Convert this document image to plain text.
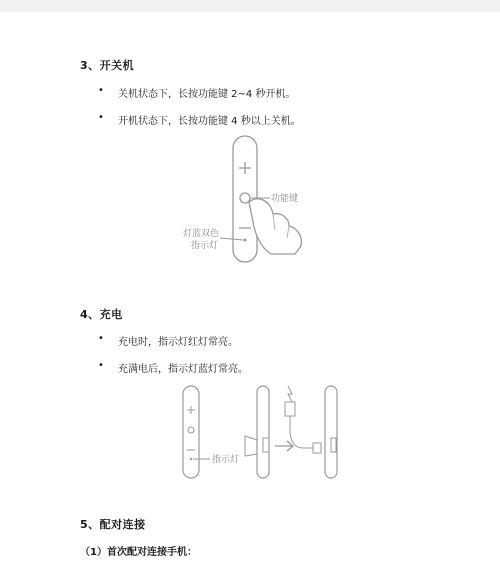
3、开关机
• 关机状态下，长按功能键 2~4 秒开机。
• 开机状态下，长按功能键 4 秒以上关机。
功能键
灯蓝双色
指示灯
4、充电
• 充电时，指示灯红灯常亮。
• 充满电后，指示灯蓝灯常亮。
指示灯
5、配对连接
（1）首次配对连接手机：
